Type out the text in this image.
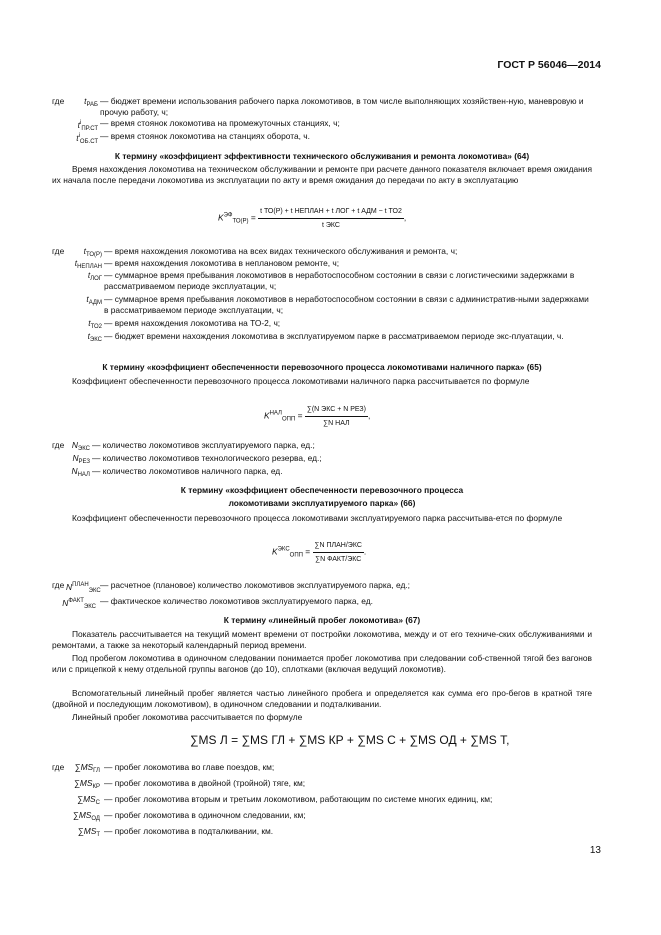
ГОСТ Р 56046—2014
где	$t_{РАБ}$ — бюджет времени использования рабочего парка локомотивов, в том числе выполняющих хозяйствен-ную, маневровую и прочую работу, ч;
$t^i_{ПР.СТ}$
— время стоянок локомотива на промежуточных станциях, ч;
$t^i_{ОБ.СТ}$
— время стоянок локомотива на станциях оборота, ч.
К термину «коэффициент эффективности технического обслуживания и ремонта локомотива» (64)
Время нахождения локомотива на техническом обслуживании и ремонте при расчете данного показателя включает время ожидания их начала после передачи локомотива из эксплуатации по акту и время ожидания до передачи по акту в эксплуатацию
$K^{ЭФ}_{ТО(Р)} = \frac{\text{t ТО(Р) + t НЕПЛАН + t ЛОГ + t АДМ − t ТО2}}{\text{t ЭКС}}$ ,
где	$t_{ТО(Р)}$ — время нахождения локомотива на всех видах технического обслуживания и ремонта, ч;
$t_{НЕПЛАН}$ — время нахождения локомотива в неплановом ремонте, ч;
$t_{ЛОГ}$ — суммарное время пребывания локомотивов в неработоспособном состоянии в связи с логистическими задержками в рассматриваемом периоде эксплуатации, ч;
$t_{АДМ}$ — суммарное время пребывания локомотивов в неработоспособном состоянии в связи с административ-ными задержками в рассматриваемом периоде эксплуатации, ч;
$t_{ТО2}$ — время нахождения локомотива на ТО-2, ч;
$t_{ЭКС}$ — бюджет времени нахождения локомотива в эксплуатируемом парке в рассматриваемом периоде экс-плуатации, ч.
К термину «коэффициент обеспеченности перевозочного процесса локомотивами наличного парка» (65)
Коэффициент обеспеченности перевозочного процесса локомотивами наличного парка рассчитывается по формуле
$K^{НАЛ}_{ОПП} = \frac{\text{∑(N ЭКС + N РЕЗ)}}{\text{∑N НАЛ}}$ ,
где $N_{ЭКС}$ — количество локомотивов эксплуатируемого парка, ед.;
$N_{РЕЗ}$ — количество локомотивов технологического резерва, ед.;
$N_{НАЛ}$ — количество локомотивов наличного парка, ед.
К термину «коэффициент обеспеченности перевозочного процесса
локомотивами эксплуатируемого парка» (66)
Коэффициент обеспеченности перевозочного процесса локомотивами эксплуатируемого парка рассчитыва-ется по формуле
$K^{ЭКС}_{ОПП} = \frac{\text{∑N ПЛАН/ЭКС}}{\text{∑N ФАКТ/ЭКС}}$ .
где $N^{ПЛАН}_{ЭКС}$
— расчетное (плановое) количество локомотивов эксплуатируемого парка, ед.;
$N^{ФАКТ}_{ЭКС}$
— фактическое количество локомотивов эксплуатируемого парка, ед.
К термину «линейный пробег локомотива» (67)
Показатель рассчитывается на текущий момент времени от постройки локомотива, между и от его техниче-ских обслуживаниями и ремонтами, а также за некоторый календарный период времени.
Под пробегом локомотива в одиночном следовании понимается пробег локомотива при следовании соб-ственной тягой без вагонов или с прицепкой к нему отдельной группы вагонов (до 10), сплотками (включая ведущий локомотив).
Вспомогательный линейный пробег является частью линейного пробега и определяется как сумма его про-бегов в кратной тяге (двойной и последующим локомотивом), в одиночном следовании и подталкивании.
Линейный пробег локомотива рассчитывается по формуле
∑MS Л = ∑MS ГЛ + ∑MS КР + ∑MS С + ∑MS ОД + ∑MS Т,
где	$\sum MS_{ГЛ}$ — пробег локомотива во главе поездов, км;
$\sum MS_{КР}$ — пробег локомотива в двойной (тройной) тяге, км;
$\sum MS_С$ — пробег локомотива вторым и третьим локомотивом, работающим по системе многих единиц, км;
$\sum MS_{ОД}$ — пробег локомотива в одиночном следовании, км;
$\sum MS_Т$ — пробег локомотива в подталкивании, км.
13
